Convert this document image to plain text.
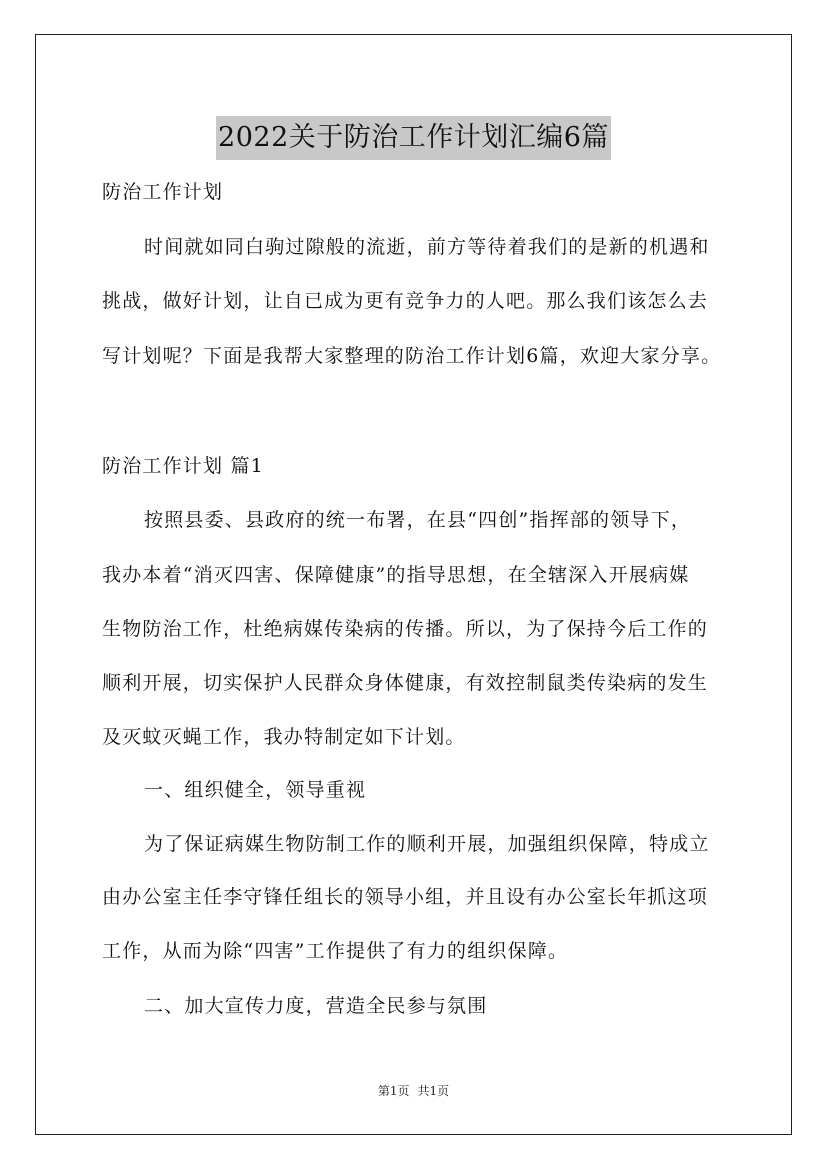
2022关于防治工作计划汇编6篇
防治工作计划
时间就如同白驹过隙般的流逝，前方等待着我们的是新的机遇和
挑战，做好计划，让自已成为更有竞争力的人吧。那么我们该怎么去
写计划呢？下面是我帮大家整理的防治工作计划6篇，欢迎大家分享。
防治工作计划 篇1
按照县委、县政府的统一布署，在县“四创”指挥部的领导下，
我办本着“消灭四害、保障健康”的指导思想，在全辖深入开展病媒
生物防治工作，杜绝病媒传染病的传播。所以，为了保持今后工作的
顺利开展，切实保护人民群众身体健康，有效控制鼠类传染病的发生
及灭蚊灭蝇工作，我办特制定如下计划。
一、组织健全，领导重视
为了保证病媒生物防制工作的顺利开展，加强组织保障，特成立
由办公室主任李守锋任组长的领导小组，并且设有办公室长年抓这项
工作，从而为除“四害”工作提供了有力的组织保障。
二、加大宣传力度，营造全民参与氛围
第1页 共1页
